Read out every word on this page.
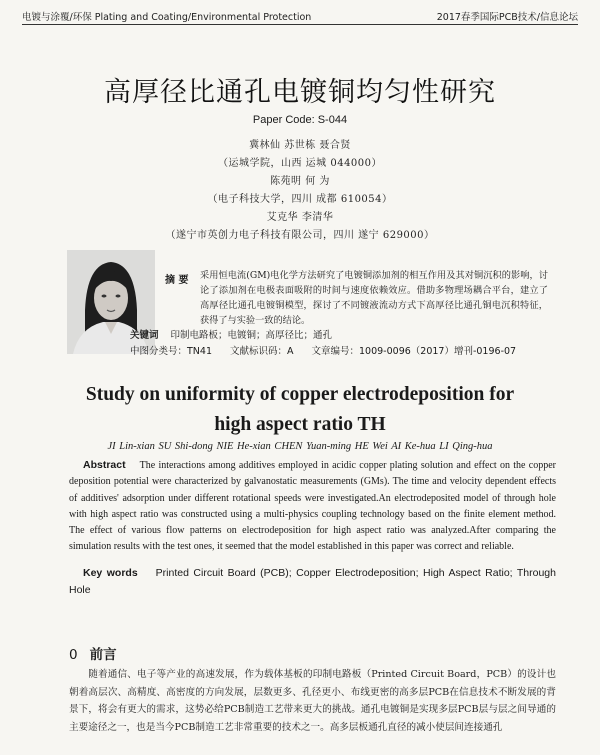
电镀与涂覆/环保 Plating and Coating/Environmental Protection	2017春季国际PCB技术/信息论坛
高厚径比通孔电镀铜均匀性研究
Paper Code: S-044
冀林仙 苏世栋 聂合贤
（运城学院，山西 运城 044000）
陈苑明 何 为
（电子科技大学，四川 成都 610054）
艾克华 李清华
（遂宁市英创力电子科技有限公司，四川 遂宁 629000）
摘 要 采用恒电流(GM)电化学方法研究了电镀铜添加剂的相互作用及其对铜沉积的影响，讨论了添加剂在电极表面吸附的时间与速度依赖效应。借助多物理场耦合平台，建立了高厚径比通孔电镀铜模型，探讨了不同镀液流动方式下高厚径比通孔铜电沉积特征，获得了与实验一致的结论。
关键词 印制电路板；电镀铜；高厚径比；通孔
中图分类号：TN41 文献标识码：A 文章编号：1009-0096（2017）增刊-0196-07
Study on uniformity of copper electrodeposition for
high aspect ratio TH
JI Lin-xian SU Shi-dong NIE He-xian CHEN Yuan-ming HE Wei AI Ke-hua LI Qing-hua
Abstract The interactions among additives employed in acidic copper plating solution and effect on the copper deposition potential were characterized by galvanostatic measurements (GMs). The time and velocity dependent effects of additives' adsorption under different rotational speeds were investigated.An electrodeposited model of through hole with high aspect ratio was constructed using a multi-physics coupling technology based on the finite element method. The effect of various flow patterns on electrodeposition for high aspect ratio was analyzed.After comparing the simulation results with the test ones, it seemed that the model established in this paper was correct and reliable.
Key words Printed Circuit Board (PCB); Copper Electrodeposition; High Aspect Ratio; Through Hole
0 前言
随着通信、电子等产业的高速发展，作为载体基板的印制电路板（Printed Circuit Board，PCB）的设计也朝着高层次、高精度、高密度的方向发展，层数更多、孔径更小、布线更密的高多层PCB在信息技术不断发展的背景下，将会有更大的需求，这势必给PCB制造工艺带来更大的挑战。通孔电镀铜是实现多层PCB层与层之间导通的主要途径之一，也是当今PCB制造工艺非常重要的技术之一。高多层板通孔直径的减小使层间连接通孔
